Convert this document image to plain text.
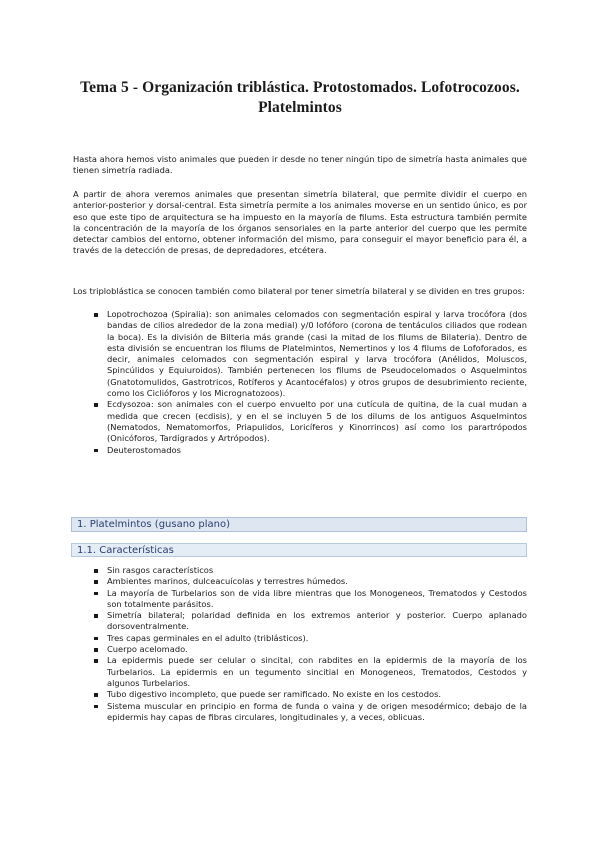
Tema 5 - Organización triblástica. Protostomados. Lofotrocozoos. Platelmintos

Hasta ahora hemos visto animales que pueden ir desde no tener ningún tipo de simetría hasta animales que tienen simetría radiada.

A partir de ahora veremos animales que presentan simetría bilateral, que permite dividir el cuerpo en anterior-posterior y dorsal-central. Esta simetría permite a los animales moverse en un sentido único, es por eso que este tipo de arquitectura se ha impuesto en la mayoría de filums. Esta estructura también permite la concentración de la mayoría de los órganos sensoriales en la parte anterior del cuerpo que les permite detectar cambios del entorno, obtener información del mismo, para conseguir el mayor beneficio para él, a través de la detección de presas, de depredadores, etcétera.

Los triploblástica se conocen también como bilateral por tener simetría bilateral y se dividen en tres grupos:

Lopotrochozoa (Spiralia): son animales celomados con segmentación espiral y larva trocófora (dos bandas de cilios alrededor de la zona medial) y/0 lofóforo (corona de tentáculos ciliados que rodean la boca). Es la división de Bilteria más grande (casi la mitad de los filums de Bilateria). Dentro de esta división se encuentran los filums de Platelmintos, Nemertinos y los 4 filums de Lofoforados, es decir, animales celomados con segmentación espiral y larva trocófora (Anélidos, Moluscos, Spincúlidos y Equiuroidos). También pertenecen los filums de Pseudocelomados o Asquelmintos (Gnatotomulidos, Gastrotricos, Rotíferos y Acantocéfalos) y otros grupos de desubrimiento reciente, como los Ciclióforos y los Micrognatozoos).
Ecdysozoa: son animales con el cuerpo envuelto por una cutícula de quitina, de la cual mudan a medida que crecen (ecdisis), y en el se incluyen 5 de los dilums de los antiguos Asquelmintos (Nematodos, Nematomorfos, Priapulidos, Loricíferos y Kinorrincos) así como los parartrópodos (Onicóforos, Tardígrados y Artrópodos).
Deuterostomados
1. Platelmintos (gusano plano)
1.1. Características
Sin rasgos característicos
Ambientes marinos, dulceacuícolas y terrestres húmedos.
La mayoría de Turbelarios son de vida libre mientras que los Monogeneos, Trematodos y Cestodos son totalmente parásitos.
Simetría bilateral; polaridad definida en los extremos anterior y posterior. Cuerpo aplanado dorsoventralmente.
Tres capas germinales en el adulto (triblásticos).
Cuerpo acelomado.
La epidermis puede ser celular o sincital, con rabdites en la epidermis de la mayoría de los Turbelarios. La epidermis en un tegumento sincitial en Monogeneos, Trematodos, Cestodos y algunos Turbelarios.
Tubo digestivo incompleto, que puede ser ramificado. No existe en los cestodos.
Sistema muscular en principio en forma de funda o vaina y de origen mesodérmico; debajo de la epidermis hay capas de fibras circulares, longitudinales y, a veces, oblicuas.
